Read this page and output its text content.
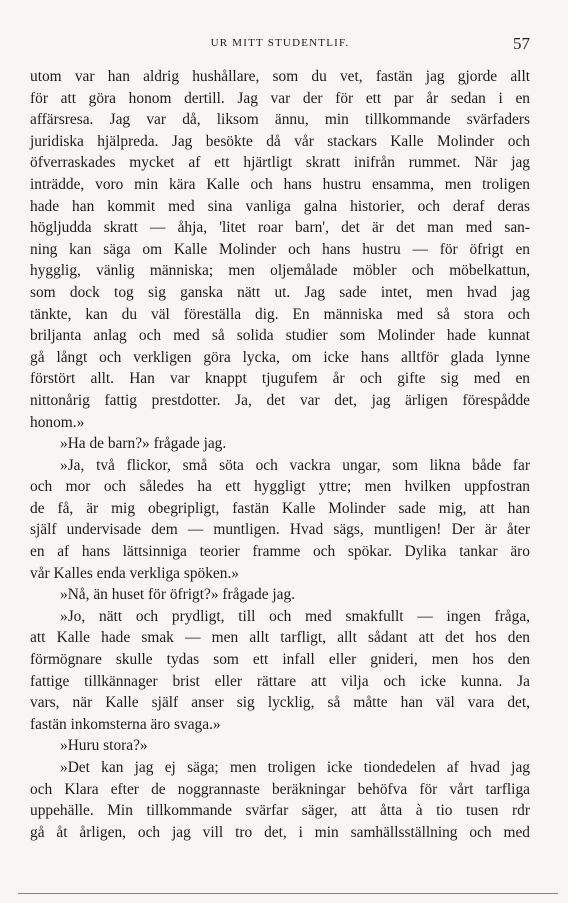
UR MITT STUDENTLIF.	57
utom var han aldrig hushållare, som du vet, fastän jag gjorde allt
för att göra honom dertill. Jag var der för ett par år sedan i en
affärsresa. Jag var då, liksom ännu, min tillkommande svärfaders
juridiska hjälpreda. Jag besökte då vår stackars Kalle Molinder och
öfverraskades mycket af ett hjärtligt skratt inifrån rummet. När jag
inträdde, voro min kära Kalle och hans hustru ensamma, men troligen
hade han kommit med sina vanliga galna historier, och deraf deras
högljudda skratt — åhja, 'litet roar barn', det är det man med san-
ning kan säga om Kalle Molinder och hans hustru — för öfrigt en
hygglig, vänlig människa; men oljemålade möbler och möbelkattun,
som dock tog sig ganska nätt ut. Jag sade intet, men hvad jag
tänkte, kan du väl föreställa dig. En människa med så stora och
briljanta anlag och med så solida studier som Molinder hade kunnat
gå långt och verkligen göra lycka, om icke hans alltför glada lynne
förstört allt. Han var knappt tjugufem år och gifte sig med en
nittonårig fattig prestdotter. Ja, det var det, jag ärligen förespådde
honom.»
»Ha de barn?» frågade jag.
»Ja, två flickor, små söta och vackra ungar, som likna både far
och mor och således ha ett hyggligt yttre; men hvilken uppfostran
de få, är mig obegripligt, fastän Kalle Molinder sade mig, att han
själf undervisade dem — muntligen. Hvad sägs, muntligen! Der är åter
en af hans lättsinniga teorier framme och spökar. Dylika tankar äro
vår Kalles enda verkliga spöken.»
»Nå, än huset för öfrigt?» frågade jag.
»Jo, nätt och prydligt, till och med smakfullt — ingen fråga,
att Kalle hade smak — men allt tarfligt, allt sådant att det hos den
förmögnare skulle tydas som ett infall eller gnideri, men hos den
fattige tillkännager brist eller rättare att vilja och icke kunna. Ja
vars, när Kalle själf anser sig lycklig, så måtte han väl vara det,
fastän inkomsterna äro svaga.»
»Huru stora?»
»Det kan jag ej säga; men troligen icke tiondedelen af hvad jag
och Klara efter de noggrannaste beräkningar behöfva för vårt tarfliga
uppehälle. Min tillkommande svärfar säger, att åtta à tio tusen rdr
gå åt årligen, och jag vill tro det, i min samhällsställning och med
